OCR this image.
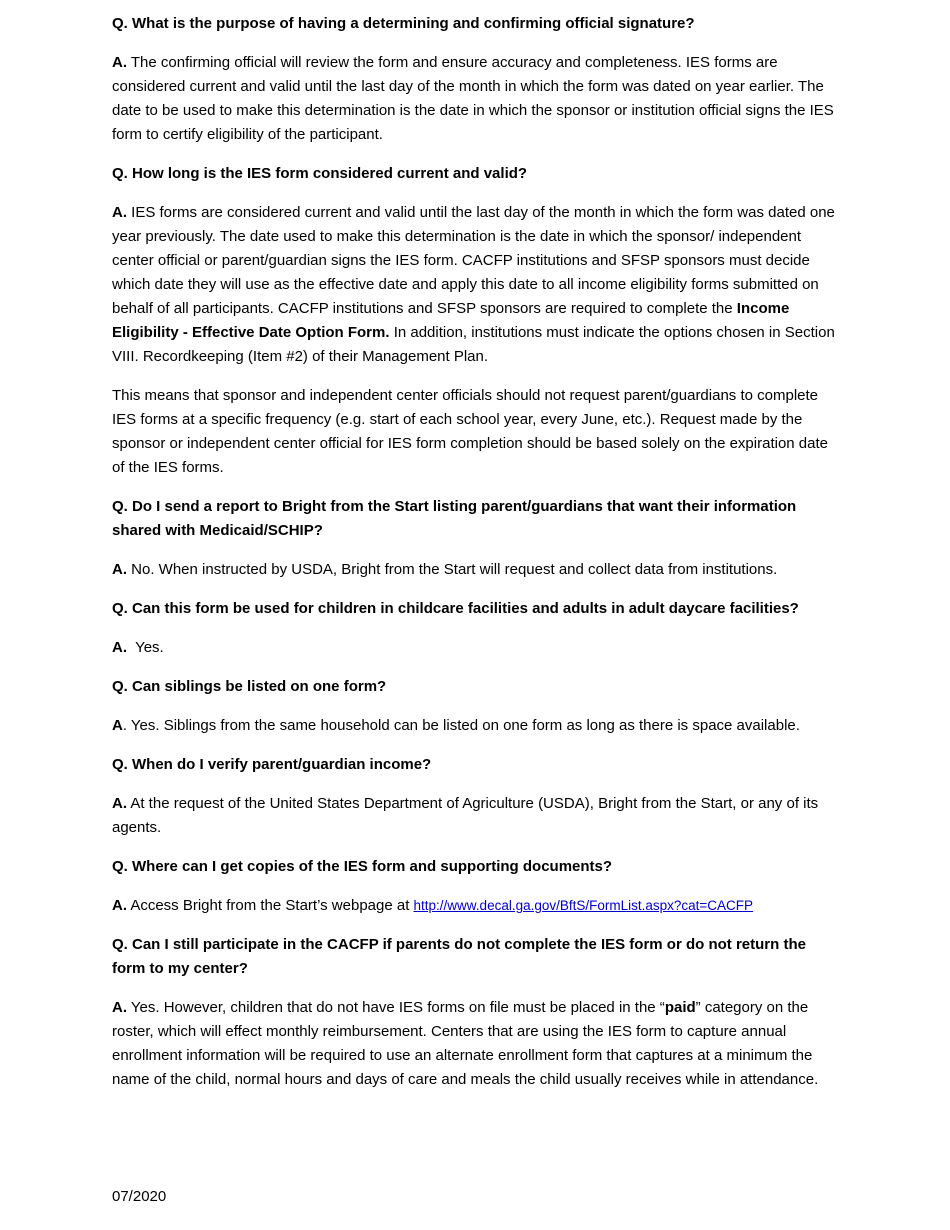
Q. What is the purpose of having a determining and confirming official signature?

A. The confirming official will review the form and ensure accuracy and completeness. IES forms are considered current and valid until the last day of the month in which the form was dated on year earlier. The date to be used to make this determination is the date in which the sponsor or institution official signs the IES form to certify eligibility of the participant.

Q. How long is the IES form considered current and valid?

A. IES forms are considered current and valid until the last day of the month in which the form was dated one year previously. The date used to make this determination is the date in which the sponsor/ independent center official or parent/guardian signs the IES form. CACFP institutions and SFSP sponsors must decide which date they will use as the effective date and apply this date to all income eligibility forms submitted on behalf of all participants. CACFP institutions and SFSP sponsors are required to complete the Income Eligibility - Effective Date Option Form. In addition, institutions must indicate the options chosen in Section VIII. Recordkeeping (Item #2) of their Management Plan.

This means that sponsor and independent center officials should not request parent/guardians to complete IES forms at a specific frequency (e.g. start of each school year, every June, etc.). Request made by the sponsor or independent center official for IES form completion should be based solely on the expiration date of the IES forms.

Q. Do I send a report to Bright from the Start listing parent/guardians that want their information shared with Medicaid/SCHIP?

A. No. When instructed by USDA, Bright from the Start will request and collect data from institutions.

Q. Can this form be used for children in childcare facilities and adults in adult daycare facilities?

A.  Yes.

Q. Can siblings be listed on one form?

A. Yes. Siblings from the same household can be listed on one form as long as there is space available.

Q. When do I verify parent/guardian income?

A. At the request of the United States Department of Agriculture (USDA), Bright from the Start, or any of its agents.

Q. Where can I get copies of the IES form and supporting documents?

A. Access Bright from the Start’s webpage at http://www.decal.ga.gov/BftS/FormList.aspx?cat=CACFP

Q. Can I still participate in the CACFP if parents do not complete the IES form or do not return the form to my center?

A. Yes. However, children that do not have IES forms on file must be placed in the “paid” category on the roster, which will effect monthly reimbursement. Centers that are using the IES form to capture annual enrollment information will be required to use an alternate enrollment form that captures at a minimum the name of the child, normal hours and days of care and meals the child usually receives while in attendance.

07/2020
